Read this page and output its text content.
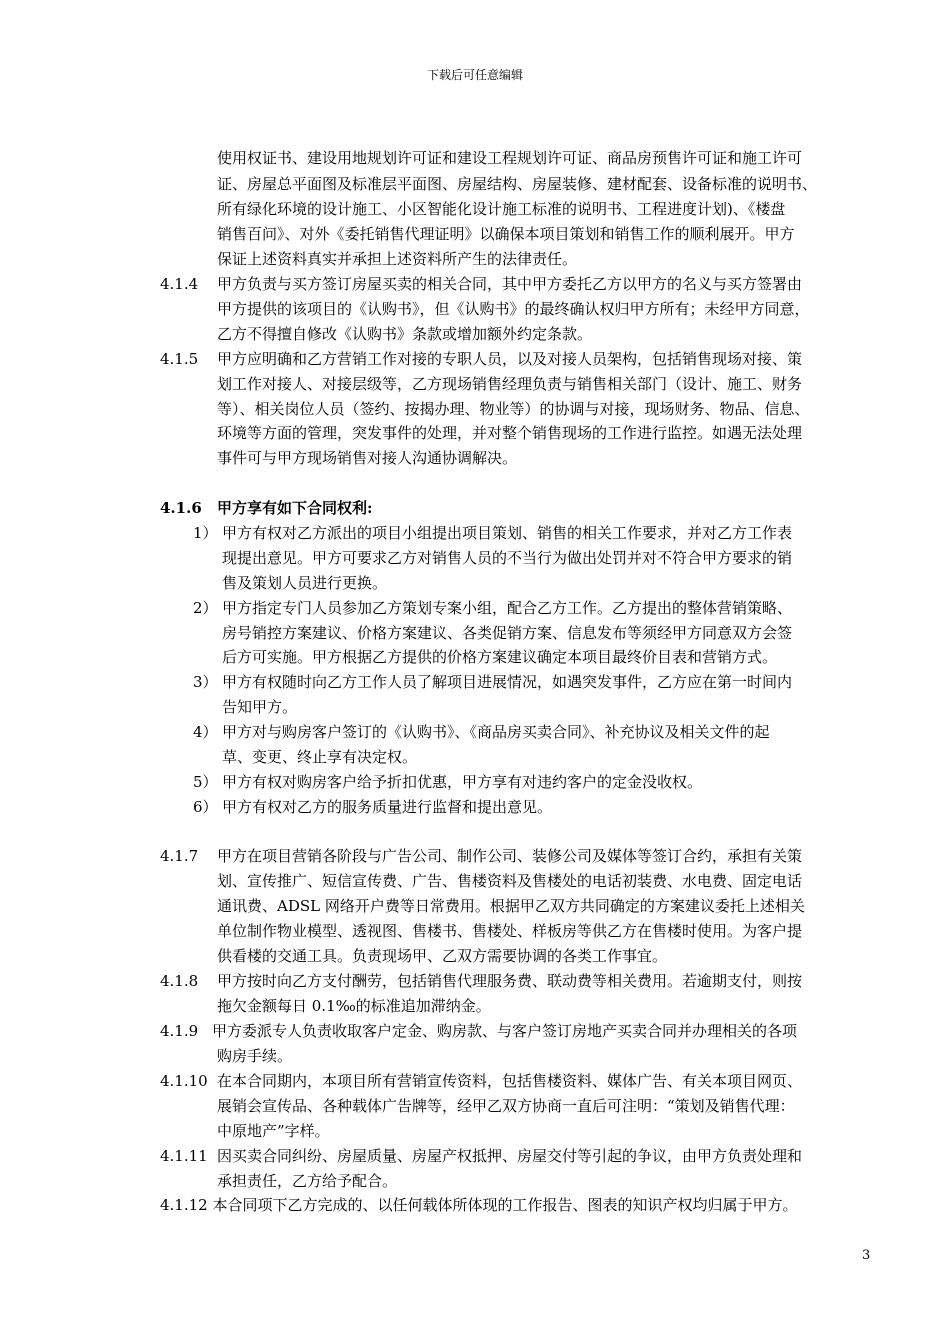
下载后可任意编辑
使用权证书、建设用地规划许可证和建设工程规划许可证、商品房预售许可证和施工许可
证、房屋总平面图及标准层平面图、房屋结构、房屋装修、建材配套、设备标准的说明书、
所有绿化环境的设计施工、小区智能化设计施工标准的说明书、工程进度计划)、《楼盘
销售百问》、对外《委托销售代理证明》以确保本项目策划和销售工作的顺利展开。甲方
保证上述资料真实并承担上述资料所产生的法律责任。
4.1.4 甲方负责与买方签订房屋买卖的相关合同，其中甲方委托乙方以甲方的名义与买方签署由
甲方提供的该项目的《认购书》，但《认购书》的最终确认权归甲方所有；未经甲方同意，
乙方不得擅自修改《认购书》条款或增加额外约定条款。
4.1.5 甲方应明确和乙方营销工作对接的专职人员，以及对接人员架构，包括销售现场对接、策
划工作对接人、对接层级等，乙方现场销售经理负责与销售相关部门（设计、施工、财务
等）、相关岗位人员（签约、按揭办理、物业等）的协调与对接，现场财务、物品、信息、
环境等方面的管理，突发事件的处理，并对整个销售现场的工作进行监控。如遇无法处理
事件可与甲方现场销售对接人沟通协调解决。
4.1.6 甲方享有如下合同权利:
1） 甲方有权对乙方派出的项目小组提出项目策划、销售的相关工作要求，并对乙方工作表
现提出意见。甲方可要求乙方对销售人员的不当行为做出处罚并对不符合甲方要求的销
售及策划人员进行更换。
2） 甲方指定专门人员参加乙方策划专案小组，配合乙方工作。乙方提出的整体营销策略、
房号销控方案建议、价格方案建议、各类促销方案、信息发布等须经甲方同意双方会签
后方可实施。甲方根据乙方提供的价格方案建议确定本项目最终价目表和营销方式。
3） 甲方有权随时向乙方工作人员了解项目进展情况，如遇突发事件，乙方应在第一时间内
告知甲方。
4） 甲方对与购房客户签订的《认购书》、《商品房买卖合同》、补充协议及相关文件的起
草、变更、终止享有决定权。
5） 甲方有权对购房客户给予折扣优惠，甲方享有对违约客户的定金没收权。
6） 甲方有权对乙方的服务质量进行监督和提出意见。
4.1.7 甲方在项目营销各阶段与广告公司、制作公司、装修公司及媒体等签订合约，承担有关策
划、宣传推广、短信宣传费、广告、售楼资料及售楼处的电话初装费、水电费、固定电话
通讯费、ADSL 网络开户费等日常费用。根据甲乙双方共同确定的方案建议委托上述相关
单位制作物业模型、透视图、售楼书、售楼处、样板房等供乙方在售楼时使用。为客户提
供看楼的交通工具。负责现场甲、乙双方需要协调的各类工作事宜。
4.1.8 甲方按时向乙方支付酬劳，包括销售代理服务费、联动费等相关费用。若逾期支付，则按
拖欠金额每日 0.1‰的标准追加滞纳金。
4.1.9 甲方委派专人负责收取客户定金、购房款、与客户签订房地产买卖合同并办理相关的各项
购房手续。
4.1.10 在本合同期内，本项目所有营销宣传资料，包括售楼资料、媒体广告、有关本项目网页、
展销会宣传品、各种载体广告牌等，经甲乙双方协商一直后可注明：“策划及销售代理：
中原地产”字样。
4.1.11 因买卖合同纠纷、房屋质量、房屋产权抵押、房屋交付等引起的争议，由甲方负责处理和
承担责任，乙方给予配合。
4.1.12 本合同项下乙方完成的、以任何载体所体现的工作报告、图表的知识产权均归属于甲方。
3
